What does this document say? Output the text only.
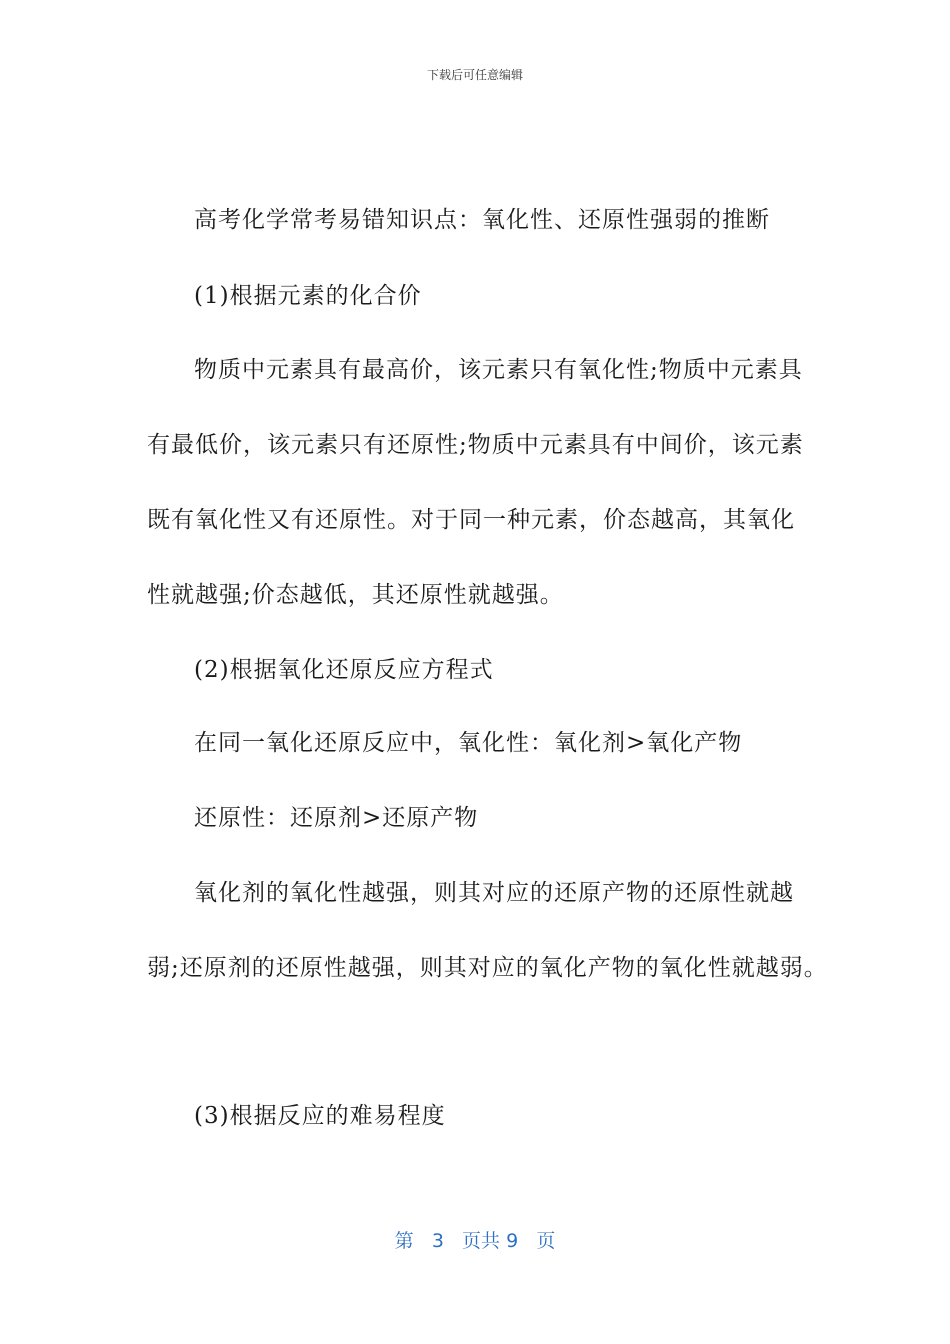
下载后可任意编辑
高考化学常考易错知识点：氧化性、还原性强弱的推断
(1)根据元素的化合价
物质中元素具有最高价，该元素只有氧化性;物质中元素具
有最低价，该元素只有还原性;物质中元素具有中间价，该元素
既有氧化性又有还原性。对于同一种元素，价态越高，其氧化
性就越强;价态越低，其还原性就越强。
(2)根据氧化还原反应方程式
在同一氧化还原反应中，氧化性：氧化剂>氧化产物
还原性：还原剂>还原产物
氧化剂的氧化性越强，则其对应的还原产物的还原性就越
弱;还原剂的还原性越强，则其对应的氧化产物的氧化性就越弱。
(3)根据反应的难易程度
第 3 页共 9 页
